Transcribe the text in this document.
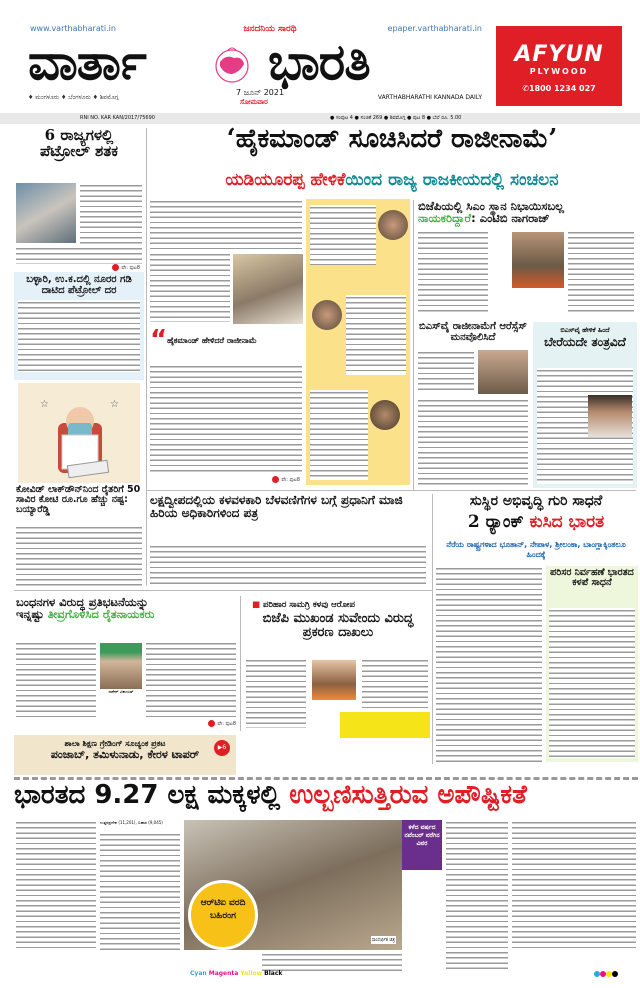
www.varthabharati.in	ಜನದನಿಯ ಸಾರಥಿ	epaper.varthabharati.in
ವಾರ್ತಾ ಭಾರತಿ
♦ ಮಂಗಳೂರು ♦ ಬೆಂಗಳೂರು ♦ ಶಿವಮೊಗ್ಗ
7 ಜೂನ್ 2021
ಸೋಮವಾರ
VARTHABHARATHI KANNADA DAILY
AFYUN
PLYWOOD
✆1800 1234 027
RNI NO. KAR KAN/2017/75690	● ಸಂಪುಟ 4 ● ಸಂಚಿಕೆ 269 ● ಶಿವಮೊಗ್ಗ ● ಪುಟ 8 ● ಬೆಲೆ ರೂ. 5.00
6 ರಾಜ್ಯಗಳಲ್ಲಿ ಪೆಟ್ರೋಲ್ ಶತಕ
ಪೇ: ಪುಟ8
ಬಳ್ಳಾರಿ, ಉ.ಕ.ದಲ್ಲಿ ನೂರರ ಗಡಿ ದಾಟಿದ ಪೆಟ್ರೋಲ್ ದರ
☆	☆
ಕೋವಿಡ್ ಲಾಕ್‌ಡೌನ್‌ನಿಂದ ರೈತರಿಗೆ 50 ಸಾವಿರ ಕೋಟಿ ರೂ.ಗೂ ಹೆಚ್ಚು ನಷ್ಟ: ಬಯ್ಯಾರೆಡ್ಡಿ
‘ಹೈಕಮಾಂಡ್ ಸೂಚಿಸಿದರೆ ರಾಜೀನಾಮೆ’
ಯಡಿಯೂರಪ್ಪ ಹೇಳಿಕೆಯಿಂದ ರಾಜ್ಯ ರಾಜಕೀಯದಲ್ಲಿ ಸಂಚಲನ
“ ಹೈಕಮಾಂಡ್ ಹೇಳಿದರೆ ರಾಜೀನಾಮೆ
ಪೇ: ಪುಟ8
ಬಿಜೆಪಿಯಲ್ಲಿ ಸಿಎಂ ಸ್ಥಾನ ನಿಭಾಯಿಸಬಲ್ಲ
ನಾಯಕರಿದ್ದಾರೆ: ಎಂಟಿಬಿ ನಾಗರಾಜ್
ಬಿಎಸ್‌ವೈ ರಾಜೀನಾಮೆಗೆ ಆರೆಸ್ಸೆಸ್ ಮನವೊಲಿಸಿದೆ
ಬಿಎಸ್‌ವೈ ಹೇಳಿಕೆ ಹಿಂದೆ
ಬೇರೆಯದೇ ತಂತ್ರವಿದೆ
ಲಕ್ಷದ್ವೀಪದಲ್ಲಿಯ ಕಳವಳಕಾರಿ ಬೆಳವಣಿಗೆಗಳ ಬಗ್ಗೆ ಪ್ರಧಾನಿಗೆ ಮಾಜಿ ಹಿರಿಯ ಅಧಿಕಾರಿಗಳಿಂದ ಪತ್ರ
ಸುಸ್ಥಿರ ಅಭಿವೃದ್ಧಿ ಗುರಿ ಸಾಧನೆ
2 ರ್‍ಯಾಂಕ್ ಕುಸಿದ ಭಾರತ
ನೆರೆಯ ರಾಷ್ಟ್ರಗಳಾದ ಭೂತಾನ್, ನೇಪಾಳ, ಶ್ರೀಲಂಕಾ, ಬಾಂಗ್ಲಾಕ್ಕಿಂತಲೂ ಹಿಂದಕ್ಕೆ
ಪರಿಸರ ನಿರ್ವಹಣೆ ಭಾರತದ ಕಳಪೆ ಸಾಧನೆ
ಬಂಧನಗಳ ವಿರುದ್ಧ ಪ್ರತಿಭಟನೆಯನ್ನು
ಇನ್ನಷ್ಟು ತೀವ್ರಗೊಳಿಸಿದ ರೈತನಾಯಕರು
ರಾಕೇಶ್ ಟಿಕಾಯತ್
ಪೇ: ಪುಟ8
■ ಪರಿಹಾರ ಸಾಮಗ್ರಿ ಕಳವು ಆರೋಪ
ಬಿಜೆಪಿ ಮುಖಂಡ ಸುವೇಂದು ವಿರುದ್ಧ ಪ್ರಕರಣ ದಾಖಲು
ಶಾಲಾ ಶಿಕ್ಷಣ ಗ್ರೇಡಿಂಗ್ ಸೂಚ್ಯಂಕ ಪ್ರಕಟ
ಪಂಜಾಬ್, ತಮಿಳುನಾಡು, ಕೇರಳ ಟಾಪರ್
▶6
ಭಾರತದ 9.27 ಲಕ್ಷ ಮಕ್ಕಳಲ್ಲಿ ಉಲ್ಬಣಿಸುತ್ತಿರುವ ಅಪೌಷ್ಟಿಕತೆ
ಉತ್ತರಪ್ರದೇಶ (11,201), ಬಿಹಾರ (9,045)
ಸಾಂದರ್ಭಿಕ ಚಿತ್ರ
ಕಳೆದ ವರ್ಷದ ನವೆಂಬರ್ ವರೆಗಿನ ವಿವರ
ಆರ್‌ಟಿಐ ವರದಿ ಬಹಿರಂಗ
Cyan Magenta Yellow Black
